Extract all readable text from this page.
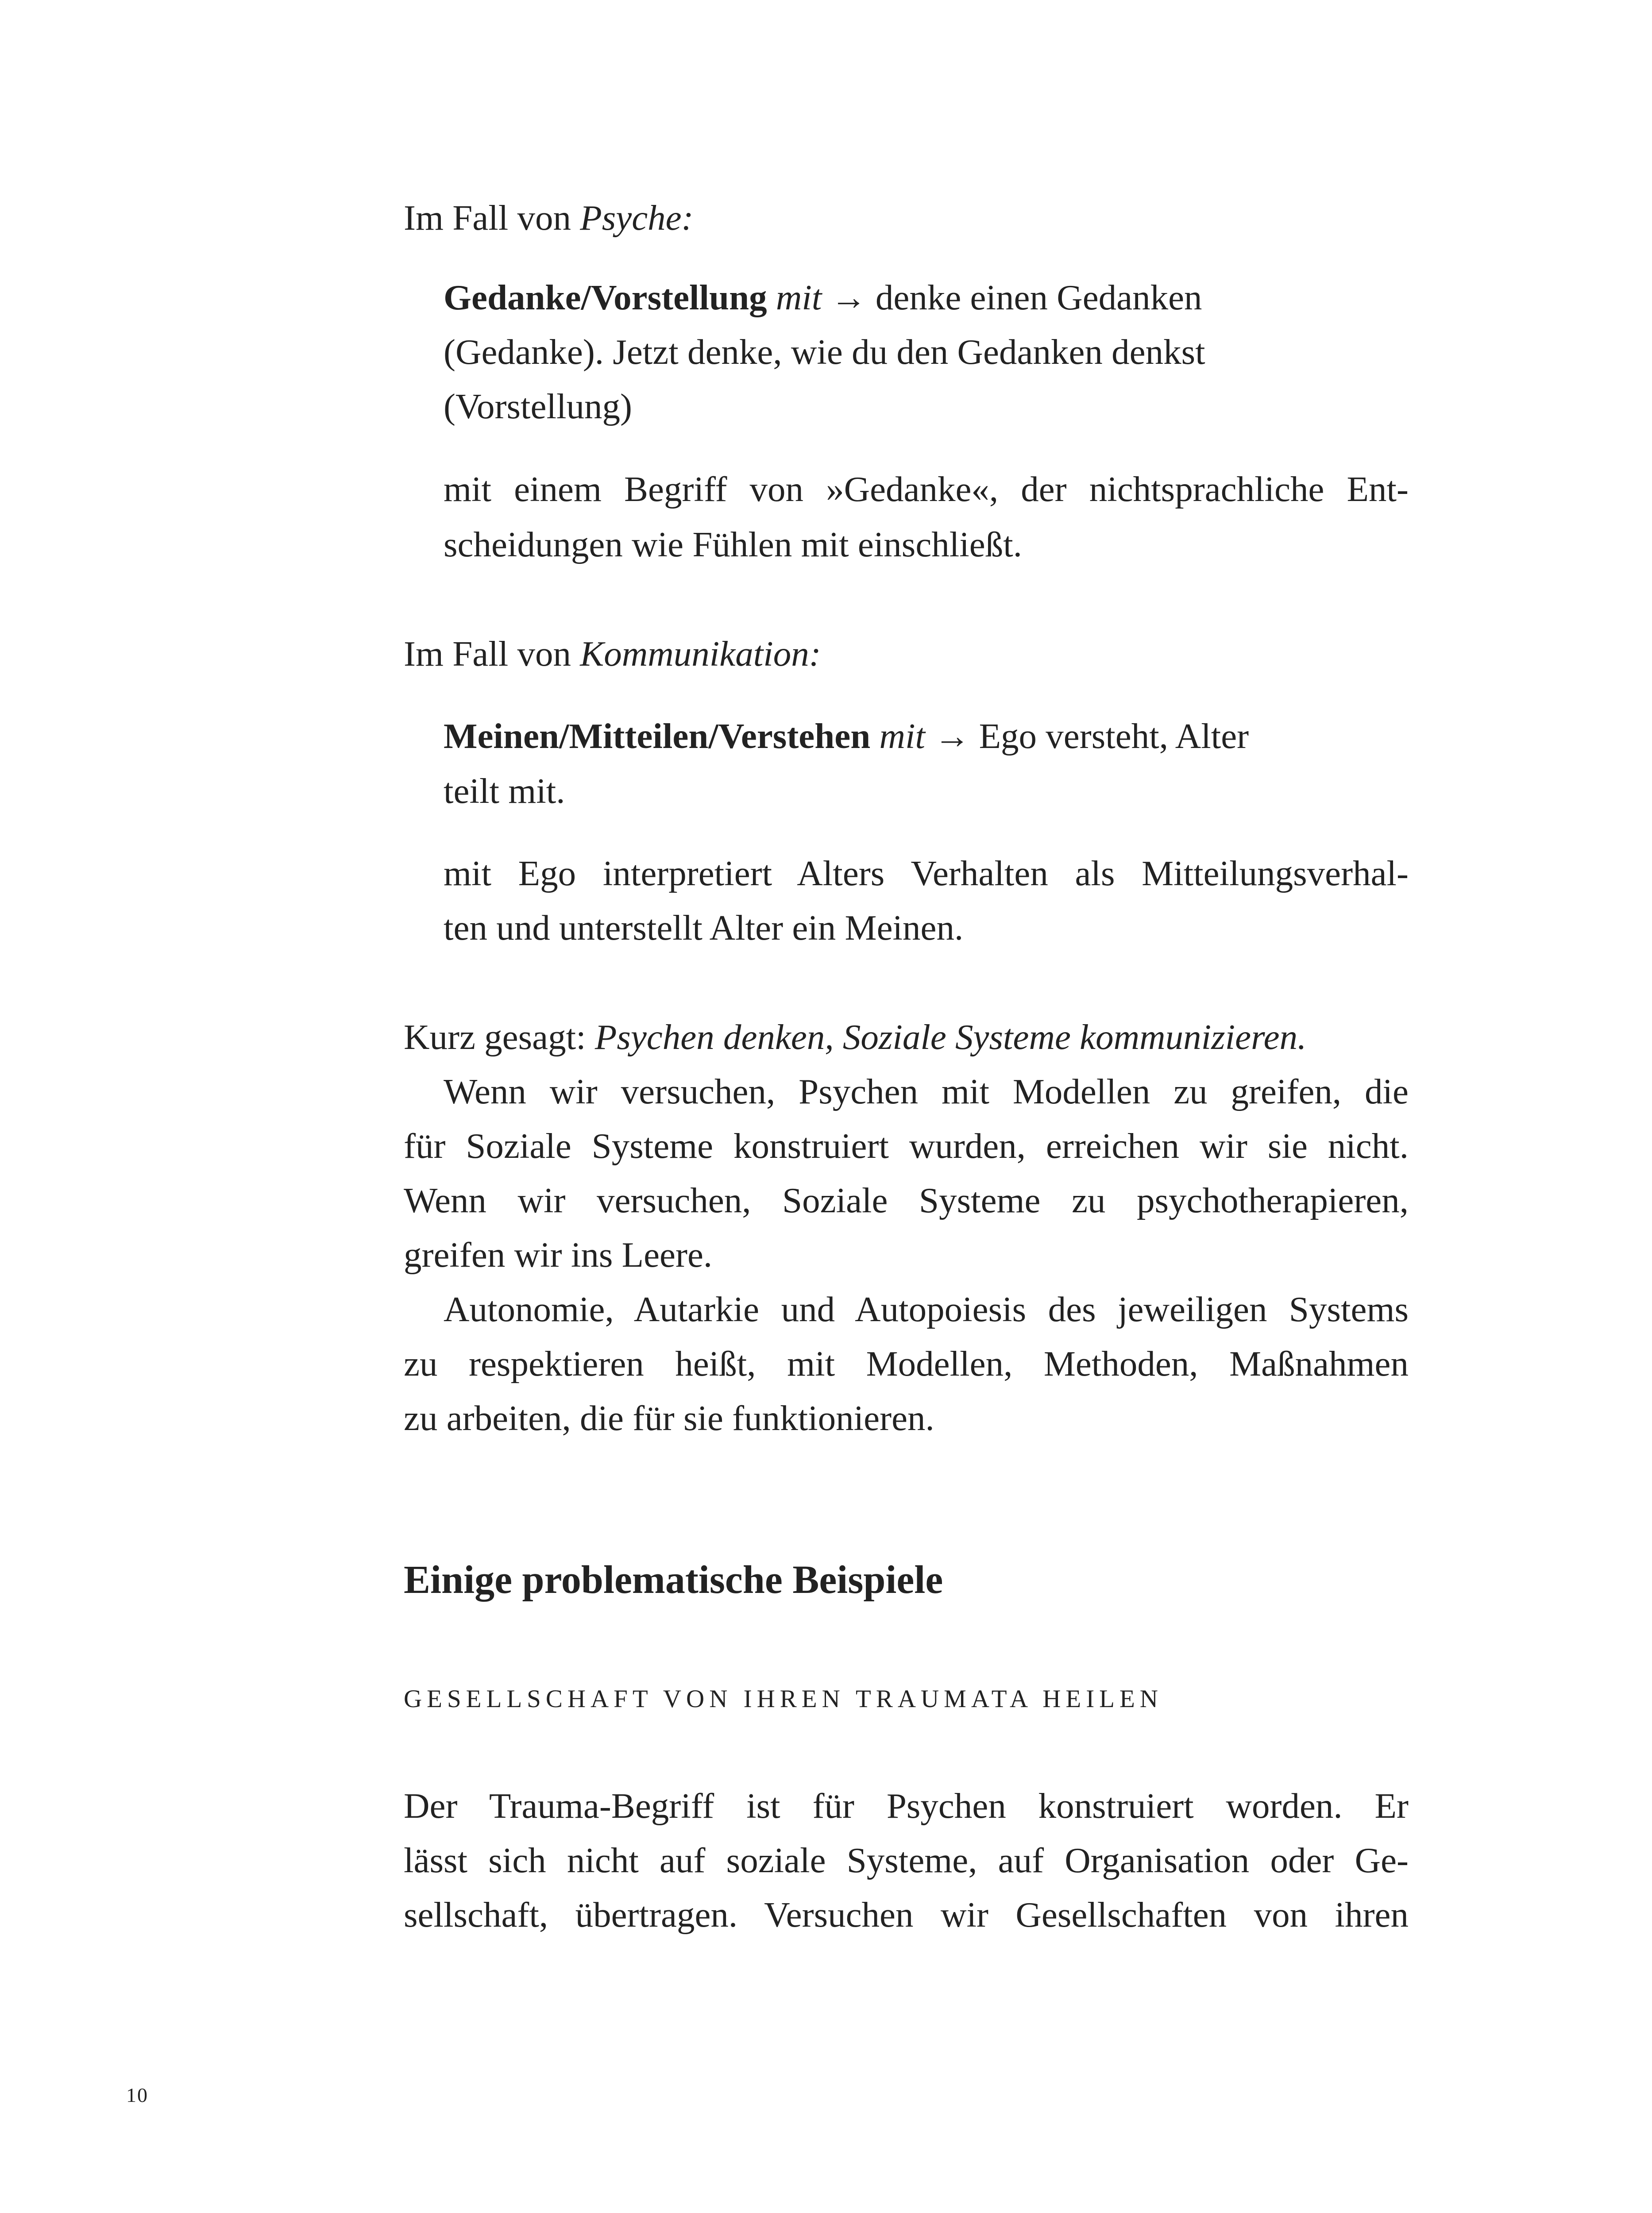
Im Fall von Psyche:
Gedanke/Vorstellung mit → denke einen Gedanken
(Gedanke). Jetzt denke, wie du den Gedanken denkst
(Vorstellung)
mit einem Begriff von »Gedanke«, der nichtsprachliche Ent-
scheidungen wie Fühlen mit einschließt.
Im Fall von Kommunikation:
Meinen/Mitteilen/Verstehen mit → Ego versteht, Alter
teilt mit.
mit Ego interpretiert Alters Verhalten als Mitteilungsverhal-
ten und unterstellt Alter ein Meinen.
Kurz gesagt: Psychen denken, Soziale Systeme kommunizieren.
Wenn wir versuchen, Psychen mit Modellen zu greifen, die
für Soziale Systeme konstruiert wurden, erreichen wir sie nicht.
Wenn wir versuchen, Soziale Systeme zu psychotherapieren,
greifen wir ins Leere.
Autonomie, Autarkie und Autopoiesis des jeweiligen Systems
zu respektieren heißt, mit Modellen, Methoden, Maßnahmen
zu arbeiten, die für sie funktionieren.
Einige problematische Beispiele
GESELLSCHAFT VON IHREN TRAUMATA HEILEN
Der Trauma-Begriff ist für Psychen konstruiert worden. Er
lässt sich nicht auf soziale Systeme, auf Organisation oder Ge-
sellschaft, übertragen. Versuchen wir Gesellschaften von ihren
10
